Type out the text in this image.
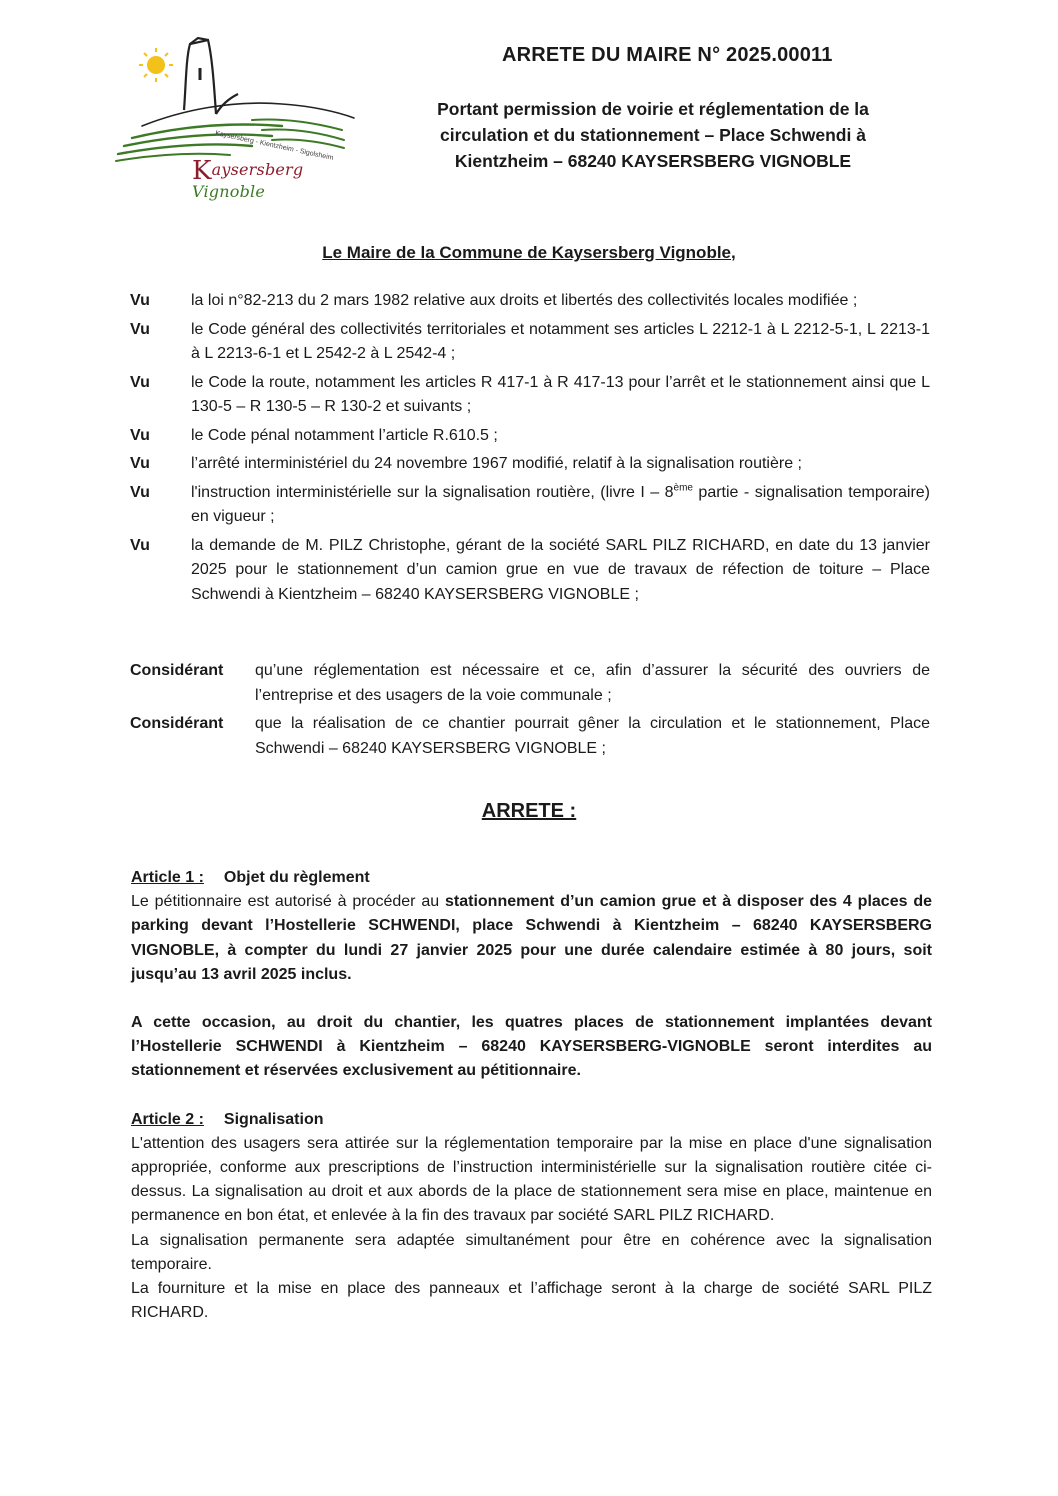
Kaysersberg - Kientzheim - Sigolsheim
Kaysersberg Vignoble
ARRETE DU MAIRE N° 2025.00011
Portant permission de voirie et réglementation de la
circulation et du stationnement – Place Schwendi à
Kientzheim – 68240 KAYSERSBERG VIGNOBLE
Le Maire de la Commune de Kaysersberg Vignoble,
Vu	la loi n°82-213 du 2 mars 1982 relative aux droits et libertés des collectivités locales modifiée ;
Vu	le Code général des collectivités territoriales et notamment ses articles L 2212-1 à L 2212-5-1, L 2213-1 à L 2213-6-1 et L 2542-2 à L 2542-4 ;
Vu	le Code la route, notamment les articles R 417-1 à R 417-13 pour l’arrêt et le stationnement ainsi que L 130-5 – R 130-5 – R 130-2 et suivants ;
Vu	le Code pénal notamment l’article R.610.5 ;
Vu	l’arrêté interministériel du 24 novembre 1967 modifié, relatif à la signalisation routière ;
Vu	l'instruction interministérielle sur la signalisation routière, (livre I – 8ème partie - signalisation temporaire) en vigueur ;
Vu	la demande de M. PILZ Christophe, gérant de la société SARL PILZ RICHARD, en date du 13 janvier 2025 pour le stationnement d’un camion grue en vue de travaux de réfection de toiture – Place Schwendi à Kientzheim – 68240 KAYSERSBERG VIGNOBLE ;
Considérant	qu’une réglementation est nécessaire et ce, afin d’assurer la sécurité des ouvriers de l’entreprise et des usagers de la voie communale ;
Considérant	que la réalisation de ce chantier pourrait gêner la circulation et le stationnement, Place Schwendi – 68240 KAYSERSBERG VIGNOBLE ;
ARRETE :
Article 1 : Objet du règlement

Le pétitionnaire est autorisé à procéder au stationnement d’un camion grue et à disposer des 4 places de parking devant l’Hostellerie SCHWENDI, place Schwendi à Kientzheim – 68240 KAYSERSBERG VIGNOBLE, à compter du lundi 27 janvier 2025 pour une durée calendaire estimée à 80 jours, soit jusqu’au 13 avril 2025 inclus.

A cette occasion, au droit du chantier, les quatres places de stationnement implantées devant l’Hostellerie SCHWENDI à Kientzheim – 68240 KAYSERSBERG-VIGNOBLE seront interdites au stationnement et réservées exclusivement au pétitionnaire.

Article 2 : Signalisation

L'attention des usagers sera attirée sur la réglementation temporaire par la mise en place d'une signalisation appropriée, conforme aux prescriptions de l’instruction interministérielle sur la signalisation routière citée ci-dessus. La signalisation au droit et aux abords de la place de stationnement sera mise en place, maintenue en permanence en bon état, et enlevée à la fin des travaux par société SARL PILZ RICHARD.

La signalisation permanente sera adaptée simultanément pour être en cohérence avec la signalisation temporaire.

La fourniture et la mise en place des panneaux et l’affichage seront à la charge de société SARL PILZ RICHARD.
